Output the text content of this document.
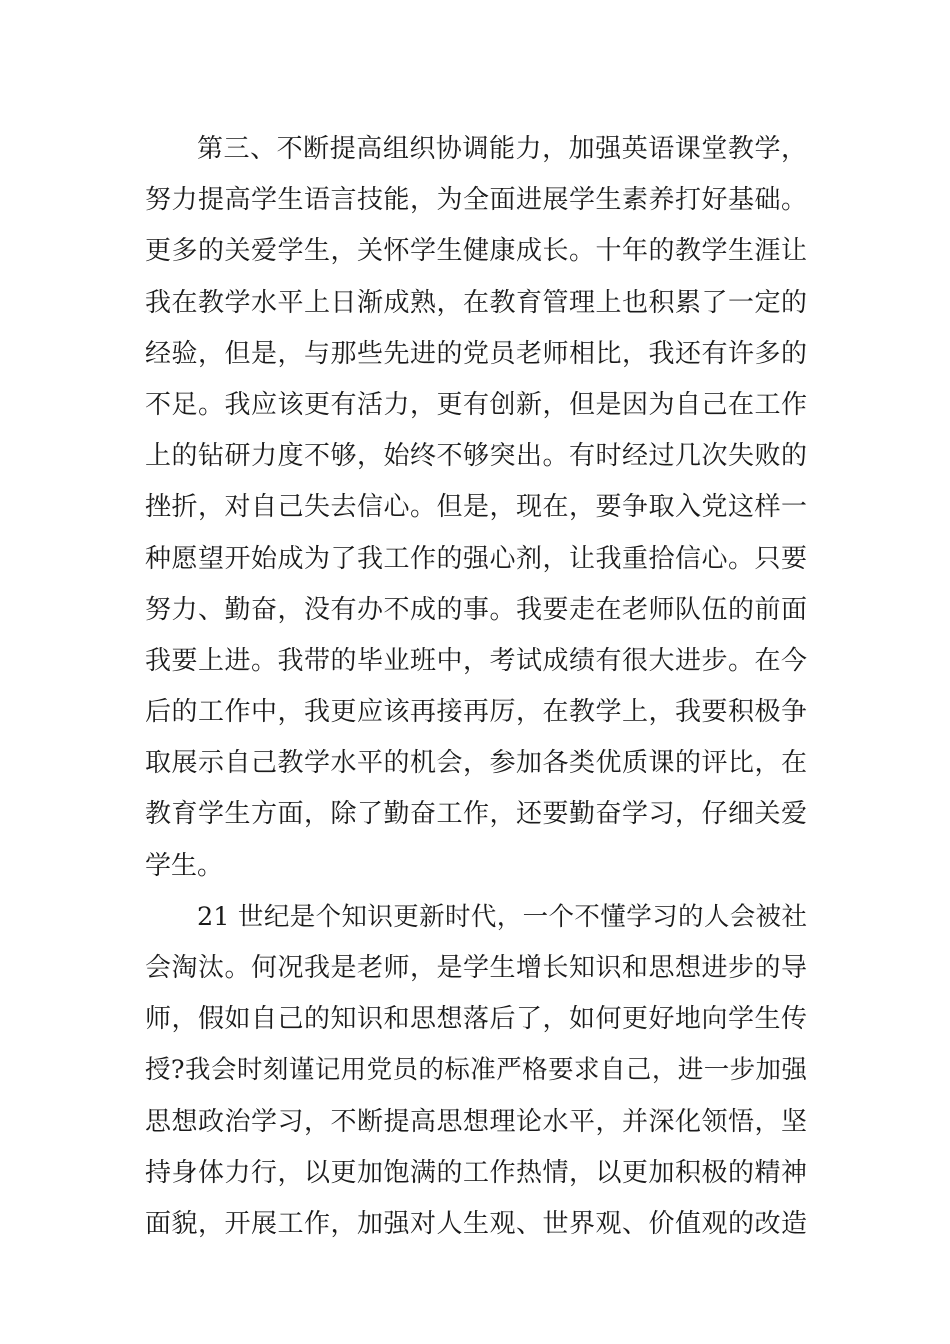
第三、不断提高组织协调能力，加强英语课堂教学，
努力提高学生语言技能，为全面进展学生素养打好基础。
更多的关爱学生，关怀学生健康成长。十年的教学生涯让
我在教学水平上日渐成熟，在教育管理上也积累了一定的
经验，但是，与那些先进的党员老师相比，我还有许多的
不足。我应该更有活力，更有创新，但是因为自己在工作
上的钻研力度不够，始终不够突出。有时经过几次失败的
挫折，对自己失去信心。但是，现在，要争取入党这样一
种愿望开始成为了我工作的强心剂，让我重拾信心。只要
努力、勤奋，没有办不成的事。我要走在老师队伍的前面
我要上进。我带的毕业班中，考试成绩有很大进步。在今
后的工作中，我更应该再接再厉，在教学上，我要积极争
取展示自己教学水平的机会，参加各类优质课的评比，在
教育学生方面，除了勤奋工作，还要勤奋学习，仔细关爱
学生。
21 世纪是个知识更新时代，一个不懂学习的人会被社
会淘汰。何况我是老师，是学生增长知识和思想进步的导
师，假如自己的知识和思想落后了，如何更好地向学生传
授?我会时刻谨记用党员的标准严格要求自己，进一步加强
思想政治学习，不断提高思想理论水平，并深化领悟，坚
持身体力行，以更加饱满的工作热情，以更加积极的精神
面貌，开展工作，加强对人生观、世界观、价值观的改造
